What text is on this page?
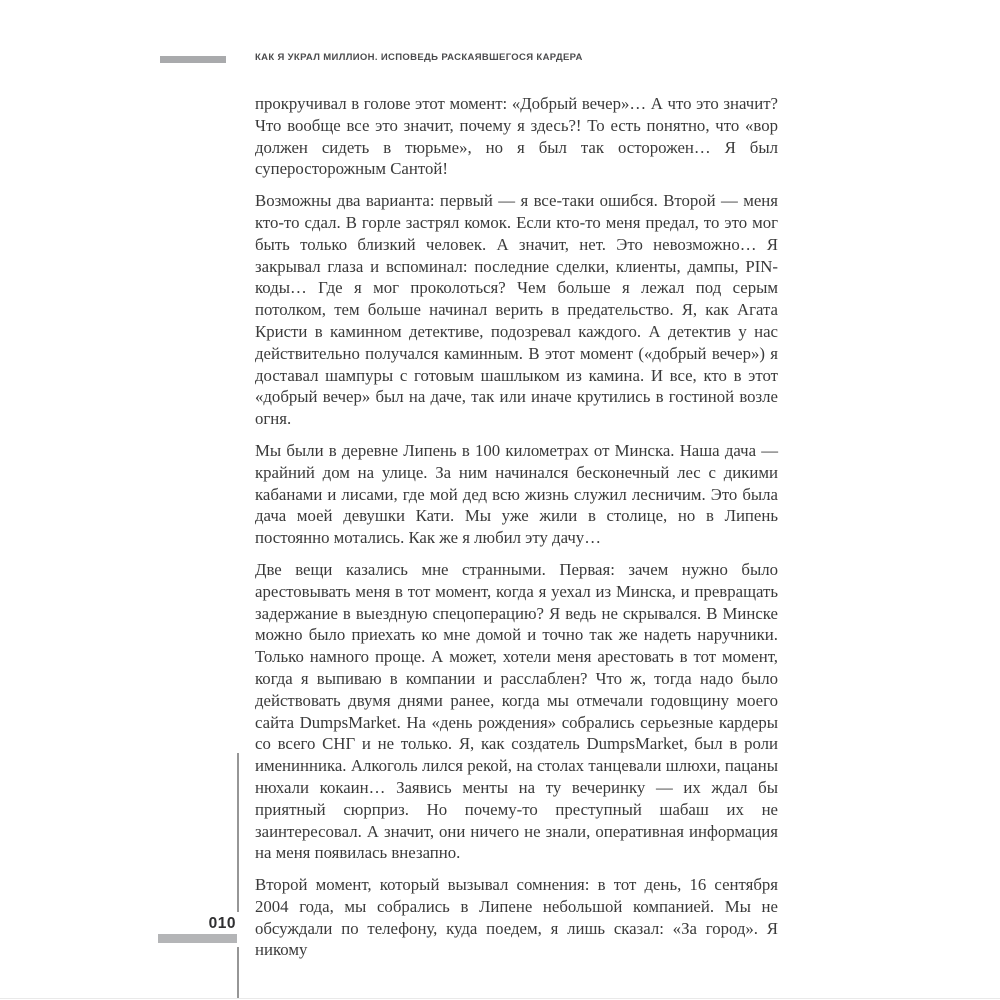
КАК Я УКРАЛ МИЛЛИОН. ИСПОВЕДЬ РАСКАЯВШЕГОСЯ КАРДЕРА

прокручивал в голове этот момент: «Добрый вечер»… А что это значит? Что вообще все это значит, почему я здесь?! То есть понятно, что «вор должен сидеть в тюрьме», но я был так осторожен… Я был суперосторожным Сантой!

Возможны два варианта: первый — я все-таки ошибся. Второй — меня кто-то сдал. В горле застрял комок. Если кто-то меня предал, то это мог быть только близкий человек. А значит, нет. Это невозможно… Я закрывал глаза и вспоминал: последние сделки, клиенты, дампы, PIN-коды… Где я мог проколоться? Чем больше я лежал под серым потолком, тем больше начинал верить в предательство. Я, как Агата Кристи в каминном детективе, подозревал каждого. А детектив у нас действительно получался каминным. В этот момент («добрый вечер») я доставал шампуры с готовым шашлыком из камина. И все, кто в этот «добрый вечер» был на даче, так или иначе крутились в гостиной возле огня.

Мы были в деревне Липень в 100 километрах от Минска. Наша дача — крайний дом на улице. За ним начинался бесконечный лес с дикими кабанами и лисами, где мой дед всю жизнь служил лесничим. Это была дача моей девушки Кати. Мы уже жили в столице, но в Липень постоянно мотались. Как же я любил эту дачу…

Две вещи казались мне странными. Первая: зачем нужно было арестовывать меня в тот момент, когда я уехал из Минска, и превращать задержание в выездную спецоперацию? Я ведь не скрывался. В Минске можно было приехать ко мне домой и точно так же надеть наручники. Только намного проще. А может, хотели меня арестовать в тот момент, когда я выпиваю в компании и расслаблен? Что ж, тогда надо было действовать двумя днями ранее, когда мы отмечали годовщину моего сайта DumpsMarket. На «день рождения» собрались серьезные кардеры со всего СНГ и не только. Я, как создатель DumpsMarket, был в роли именинника. Алкоголь лился рекой, на столах танцевали шлюхи, пацаны нюхали кокаин… Заявись менты на ту вечеринку — их ждал бы приятный сюрприз. Но почему-то преступный шабаш их не заинтересовал. А значит, они ничего не знали, оперативная информация на меня появилась внезапно.

Второй момент, который вызывал сомнения: в тот день, 16 сентября 2004 года, мы собрались в Липене небольшой компанией. Мы не обсуждали по телефону, куда поедем, я лишь сказал: «За город». Я никому

010
